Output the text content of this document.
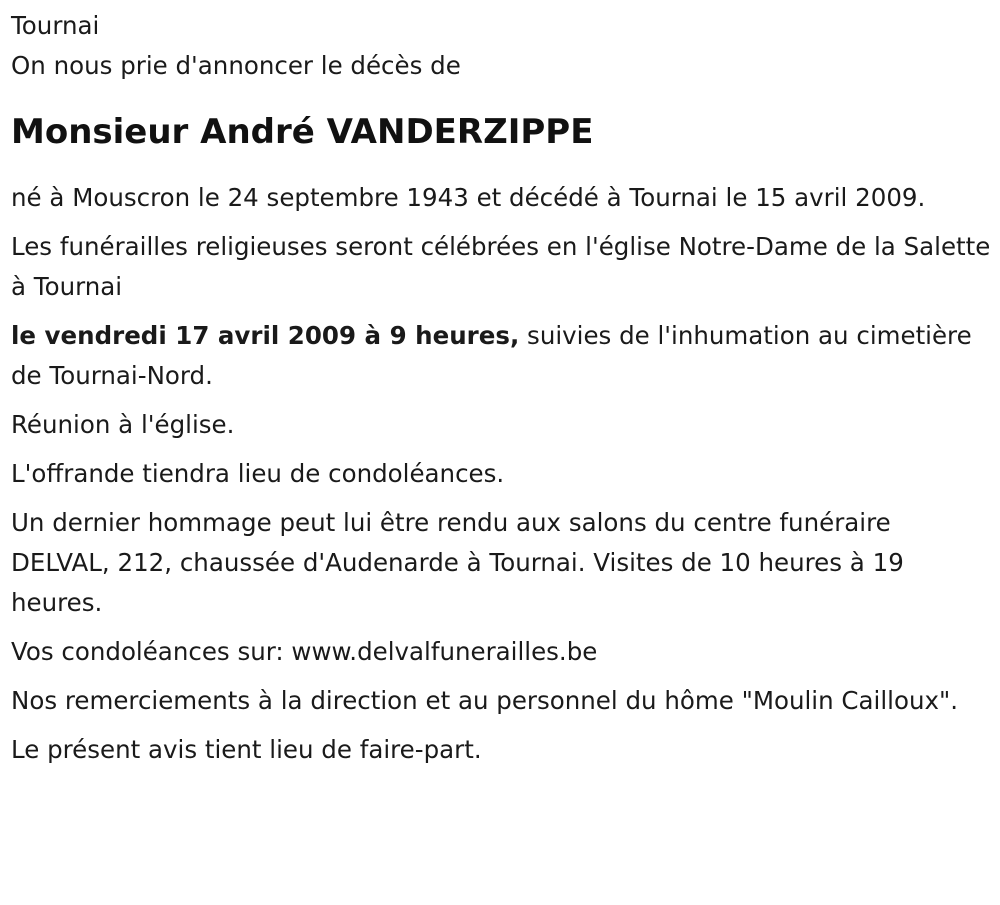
Tournai

On nous prie d'annoncer le décès de

Monsieur André VANDERZIPPE

né à Mouscron le 24 septembre 1943 et décédé à Tournai le 15 avril 2009.

Les funérailles religieuses seront célébrées en l'église Notre-Dame de la Salette à Tournai

le vendredi 17 avril 2009 à 9 heures, suivies de l'inhumation au cimetière de Tournai-Nord.

Réunion à l'église.

L'offrande tiendra lieu de condoléances.

Un dernier hommage peut lui être rendu aux salons du centre funéraire DELVAL, 212, chaussée d'Audenarde à Tournai. Visites de 10 heures à 19 heures.

Vos condoléances sur: www.delvalfunerailles.be

Nos remerciements à la direction et au personnel du hôme "Moulin Cailloux".

Le présent avis tient lieu de faire-part.
